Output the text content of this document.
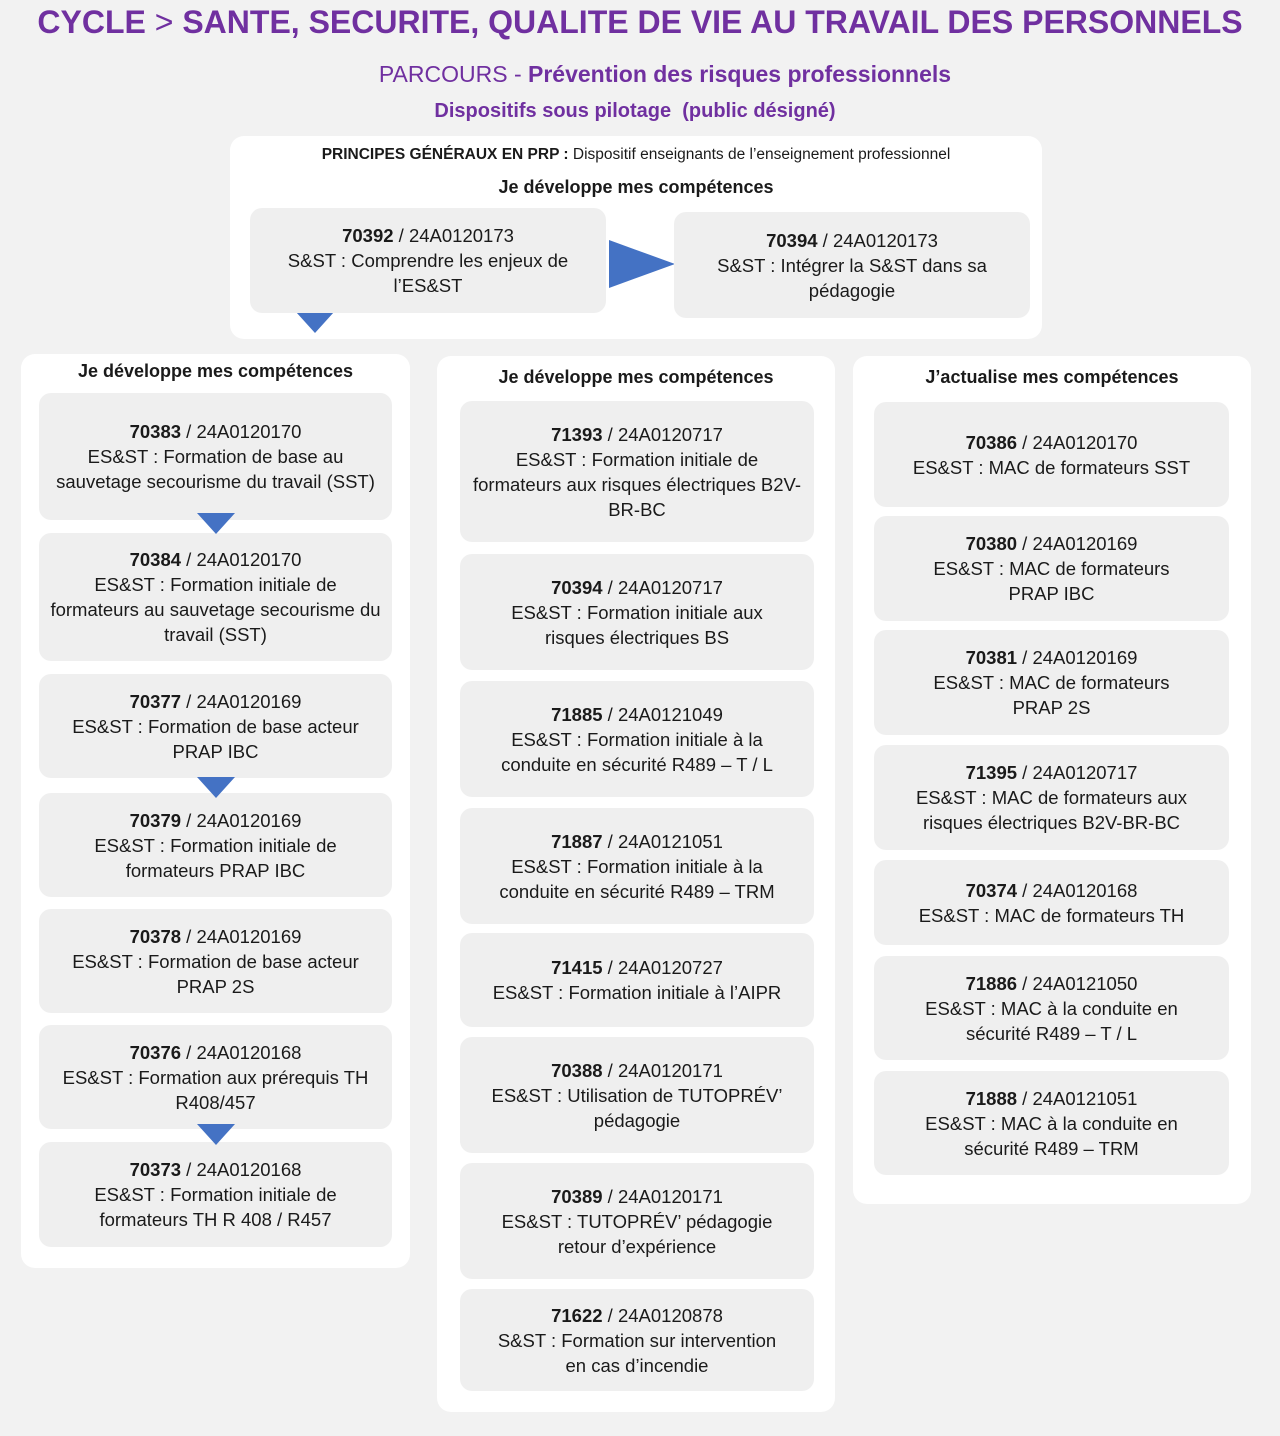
CYCLE > SANTE, SECURITE, QUALITE DE VIE AU TRAVAIL DES PERSONNELS
PARCOURS - Prévention des risques professionnels
Dispositifs sous pilotage  (public désigné)
PRINCIPES GÉNÉRAUX EN PRP : Dispositif enseignants de l’enseignement professionnel
Je développe mes compétences
Je développe mes compétences	Je développe mes compétences	J’actualise mes compétences
70392 / 24A0120173
S&ST : Comprendre les enjeux de
l’ES&ST
70394 / 24A0120173
S&ST : Intégrer la S&ST dans sa
pédagogie
70383 / 24A0120170
ES&ST : Formation de base au
sauvetage secourisme du travail (SST)
70384 / 24A0120170
ES&ST : Formation initiale de
formateurs au sauvetage secourisme du travail (SST)
70377 / 24A0120169
ES&ST : Formation de base acteur
PRAP IBC
70379 / 24A0120169
ES&ST : Formation initiale de
formateurs PRAP IBC
70378 / 24A0120169
ES&ST : Formation de base acteur
PRAP 2S
70376 / 24A0120168
ES&ST : Formation aux prérequis TH
R408/457
70373 / 24A0120168
ES&ST : Formation initiale de
formateurs TH R 408 / R457
71393 / 24A0120717
ES&ST : Formation initiale de
formateurs aux risques électriques B2V-BR-BC
70394 / 24A0120717
ES&ST : Formation initiale aux
risques électriques BS
71885 / 24A0121049
ES&ST : Formation initiale à la
conduite en sécurité R489 – T / L
71887 / 24A0121051
ES&ST : Formation initiale à la
conduite en sécurité R489 – TRM
71415 / 24A0120727
ES&ST : Formation initiale à l’AIPR
70388 / 24A0120171
ES&ST : Utilisation de TUTOPRÉV’
pédagogie
70389 / 24A0120171
ES&ST : TUTOPRÉV’ pédagogie
retour d’expérience
71622 / 24A0120878
S&ST : Formation sur intervention
en cas d’incendie
70386 / 24A0120170
ES&ST : MAC de formateurs SST
70380 / 24A0120169
ES&ST : MAC de formateurs
PRAP IBC
70381 / 24A0120169
ES&ST : MAC de formateurs
PRAP 2S
71395 / 24A0120717
ES&ST : MAC de formateurs aux
risques électriques B2V-BR-BC
70374 / 24A0120168
ES&ST : MAC de formateurs TH
71886 / 24A0121050
ES&ST : MAC à la conduite en
sécurité R489 – T / L
71888 / 24A0121051
ES&ST : MAC à la conduite en
sécurité R489 – TRM
